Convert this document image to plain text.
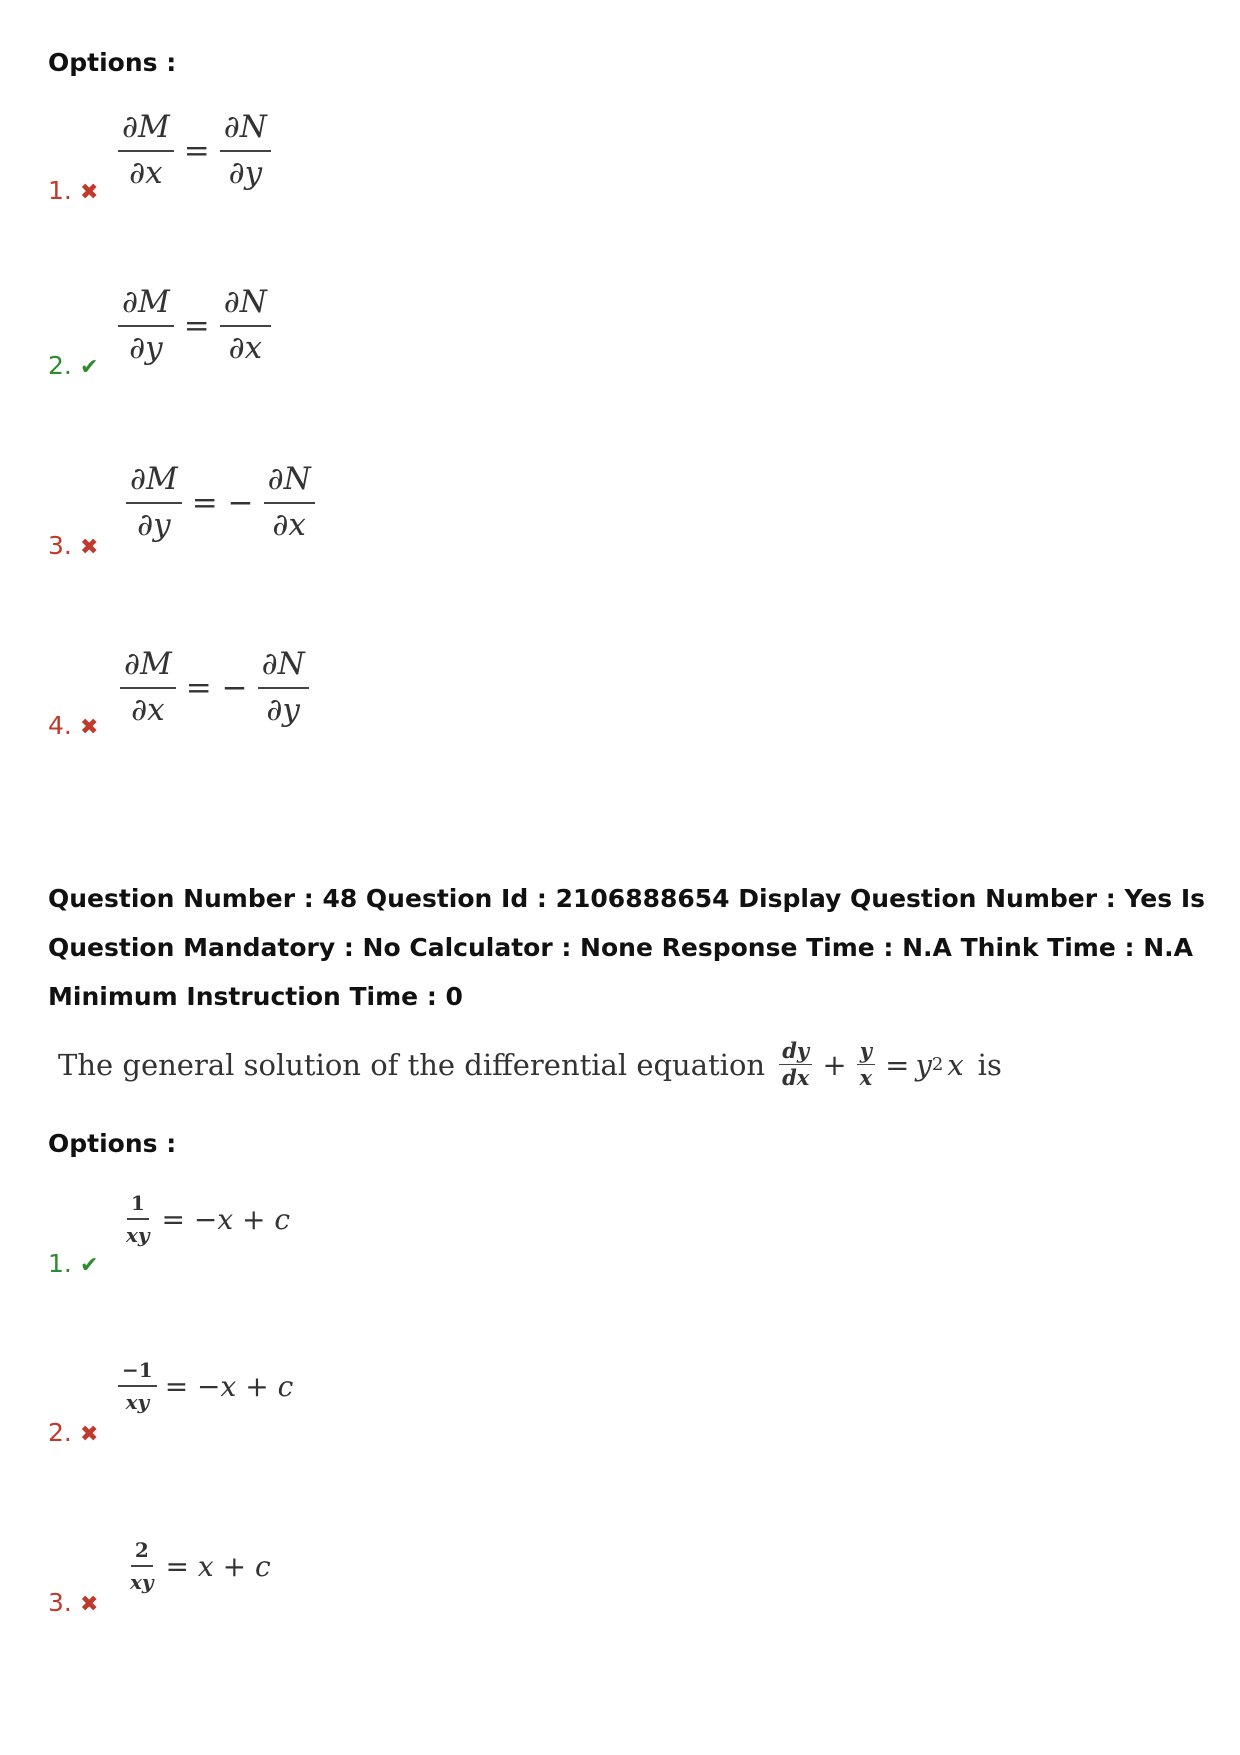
Options :
$\frac{\partial M}{\partial x} = \frac{\partial N}{\partial y}$
1. ✖
$\frac{\partial M}{\partial y} = \frac{\partial N}{\partial x}$
2. ✔
$\frac{\partial M}{\partial y}$ = − $\frac{\partial N}{\partial x}$
3. ✖
$\frac{\partial M}{\partial x}$ = − $\frac{\partial N}{\partial y}$
4. ✖
Question Number : 48 Question Id : 2106888654 Display Question Number : Yes Is Question Mandatory : No Calculator : None Response Time : N.A Think Time : N.A Minimum Instruction Time : 0
The general solution of the differential equation $\frac{dy}{dx} + \frac{y}{x} = y$ 2 x is
Options :
$\frac{1}{xy} = -x + c$
1. ✔
$\frac{-1}{xy} = -x + c$
2. ✖
$\frac{2}{xy} = x + c$
3. ✖
